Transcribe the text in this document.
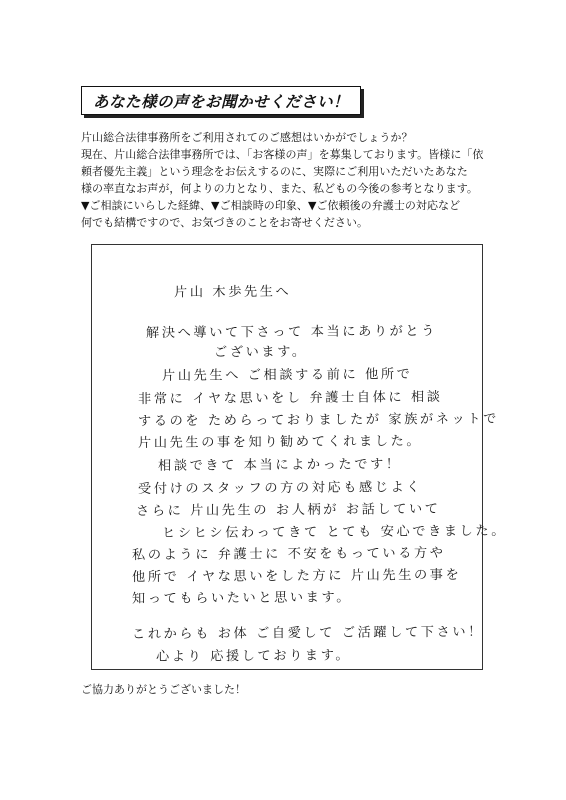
あなた様の声をお聞かせください！

片山総合法律事務所をご利用されてのご感想はいかがでしょうか？

現在、片山総合法律事務所では、「お客様の声」を募集しております。皆様に「依

頼者優先主義」という理念をお伝えするのに、実際にご利用いただいたあなた

様の率直なお声が，何よりの力となり、また、私どもの今後の参考となります。

▼ご相談にいらした経緯、▼ご相談時の印象、▼ご依頼後の弁護士の対応など

何でも結構ですので、お気づきのことをお寄せください。

片山 木歩先生へ
解決へ導いて下さって 本当にありがとう
ございます。
片山先生へ ご相談する前に 他所で
非常に イヤな思いをし 弁護士自体に 相談
するのを ためらっておりましたが 家族がネットで
片山先生の事を知り勧めてくれました。
相談できて 本当によかったです！
受付けのスタッフの方の対応も感じよく
さらに 片山先生の お人柄が お話していて
ヒシヒシ伝わってきて とても 安心できました。
私のように 弁護士に 不安をもっている方や
他所で イヤな思いをした方に 片山先生の事を
知ってもらいたいと思います。
これからも お体 ご自愛して ご活躍して下さい！
心より 応援しております。
ご協力ありがとうございました！
